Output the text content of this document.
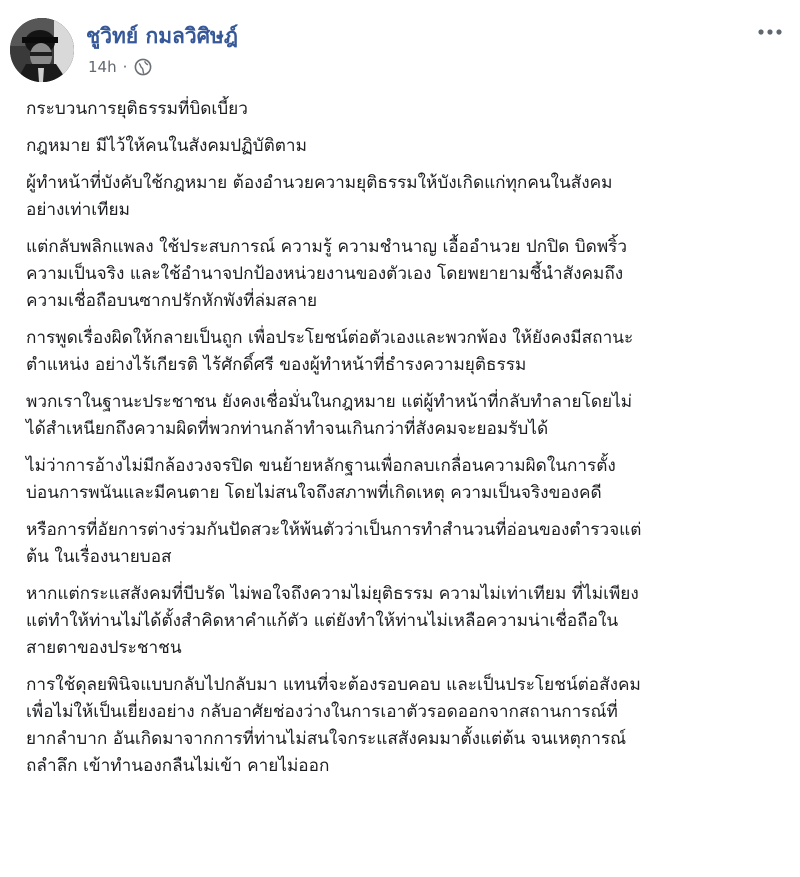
ชูวิทย์ กมลวิศิษฎ์
14h ·
กระบวนการยุติธรรมที่บิดเบี้ยว
กฎหมาย มีไว้ให้คนในสังคมปฏิบัติตาม
ผู้ทำหน้าที่บังคับใช้กฎหมาย ต้องอำนวยความยุติธรรมให้บังเกิดแก่ทุกคนในสังคม
อย่างเท่าเทียม
แต่กลับพลิกแพลง ใช้ประสบการณ์ ความรู้ ความชำนาญ เอื้ออำนวย ปกปิด บิดพริ้ว
ความเป็นจริง และใช้อำนาจปกป้องหน่วยงานของตัวเอง โดยพยายามชี้นำสังคมถึง
ความเชื่อถือบนซากปรักหักพังที่ล่มสลาย
การพูดเรื่องผิดให้กลายเป็นถูก เพื่อประโยชน์ต่อตัวเองและพวกพ้อง ให้ยังคงมีสถานะ
ตำแหน่ง อย่างไร้เกียรติ ไร้ศักดิ์ศรี ของผู้ทำหน้าที่ธำรงความยุติธรรม
พวกเราในฐานะประชาชน ยังคงเชื่อมั่นในกฎหมาย แต่ผู้ทำหน้าที่กลับทำลายโดยไม่
ได้สำเหนียกถึงความผิดที่พวกท่านกล้าทำจนเกินกว่าที่สังคมจะยอมรับได้
ไม่ว่าการอ้างไม่มีกล้องวงจรปิด ขนย้ายหลักฐานเพื่อกลบเกลื่อนความผิดในการตั้ง
บ่อนการพนันและมีคนตาย โดยไม่สนใจถึงสภาพที่เกิดเหตุ ความเป็นจริงของคดี
หรือการที่อัยการต่างร่วมกันปัดสวะให้พ้นตัวว่าเป็นการทำสำนวนที่อ่อนของตำรวจแต่
ต้น ในเรื่องนายบอส
หากแต่กระแสสังคมที่บีบรัด ไม่พอใจถึงความไม่ยุติธรรม ความไม่เท่าเทียม ที่ไม่เพียง
แต่ทำให้ท่านไม่ได้ตั้งสำคิดหาคำแก้ตัว แต่ยังทำให้ท่านไม่เหลือความน่าเชื่อถือใน
สายตาของประชาชน
การใช้ดุลยพินิจแบบกลับไปกลับมา แทนที่จะต้องรอบคอบ และเป็นประโยชน์ต่อสังคม
เพื่อไม่ให้เป็นเยี่ยงอย่าง กลับอาศัยช่องว่างในการเอาตัวรอดออกจากสถานการณ์ที่
ยากลำบาก อันเกิดมาจากการที่ท่านไม่สนใจกระแสสังคมมาตั้งแต่ต้น จนเหตุการณ์
ถลำลึก เข้าทำนองกลืนไม่เข้า คายไม่ออก
